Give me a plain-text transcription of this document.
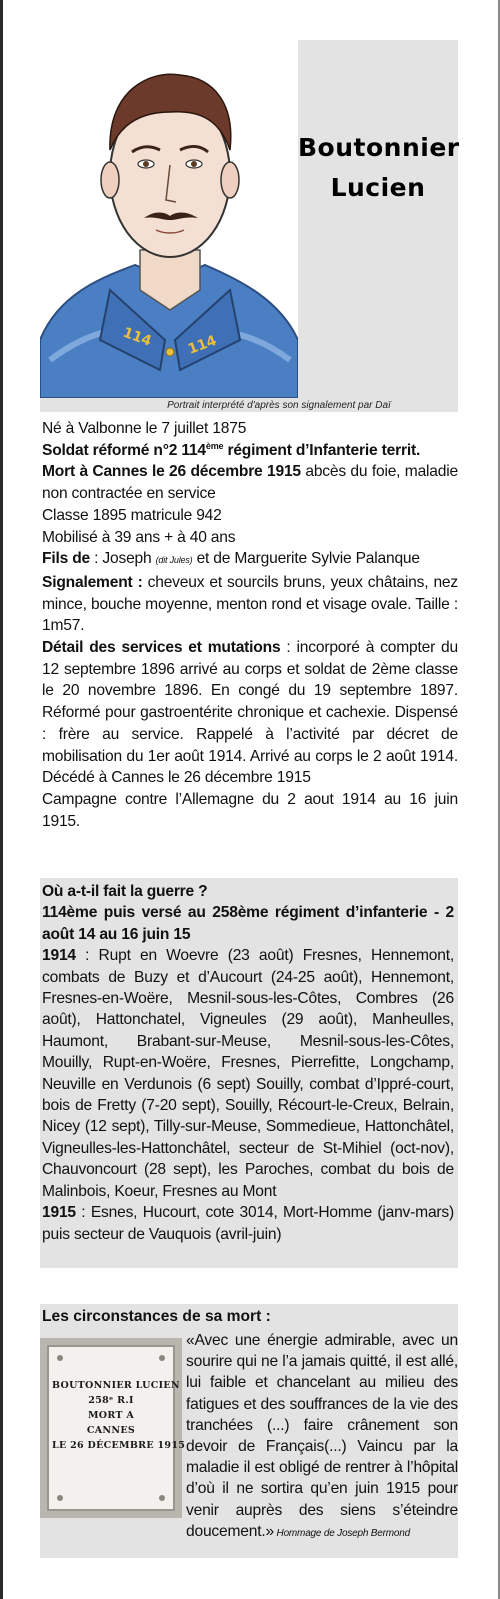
114 114
Boutonnier
Lucien
Portrait interprété d'après son signalement par Daï

Né à Valbonne le 7 juillet 1875

Soldat réformé n°2 114ème régiment d’Infanterie territ.

Mort à Cannes le 26 décembre 1915 abcès du foie, maladie non contractée en service

Classe 1895 matricule 942

Mobilisé à 39 ans + à 40 ans

Fils de : Joseph (dit Jules) et de Marguerite Sylvie Palanque

Signalement : cheveux et sourcils bruns, yeux châtains, nez mince, bouche moyenne, menton rond et visage ovale. Taille : 1m57.

Détail des services et mutations : incorporé à compter du 12 septembre 1896 arrivé au corps et soldat de 2ème classe le 20 novembre 1896. En congé du 19 septembre 1897. Réformé pour gastroentérite chronique et cachexie. Dispensé : frère au service. Rappelé à l’activité par décret de mobilisation du 1er août 1914. Arrivé au corps le 2 août 1914. Décédé à Cannes le 26 décembre 1915

Campagne contre l’Allemagne du 2 aout 1914 au 16 juin 1915.

Où a-t-il fait la guerre ?

114ème puis versé au 258ème régiment d’infanterie - 2 août 14 au 16 juin 15

1914 : Rupt en Woevre (23 août) Fresnes, Hennemont, combats de Buzy et d’Aucourt (24-25 août), Hennemont, Fresnes-en-Woëre, Mesnil-sous-les-Côtes, Combres (26 août), Hattonchatel, Vigneules (29 août), Manheulles, Haumont, Brabant-sur-Meuse, Mesnil-sous-les-Côtes, Mouilly, Rupt-en-Woëre, Fresnes, Pierrefitte, Longchamp, Neuville en Verdunois (6 sept) Souilly, combat d’Ippré-court, bois de Fretty (7-20 sept), Souilly, Récourt-le-Creux, Belrain, Nicey (12 sept), Tilly-sur-Meuse, Sommedieue, Hattonchâtel, Vigneulles-les-Hattonchâtel, secteur de St-Mihiel (oct-nov), Chauvoncourt (28 sept), les Paroches, combat du bois de Malinbois, Koeur, Fresnes au Mont

1915 : Esnes, Hucourt, cote 3014, Mort-Homme (janv-mars) puis secteur de Vauquois (avril-juin)

Les circonstances de sa mort :
BOUTONNIER LUCIEN
258ᵉ R.I
MORT A
CANNES
LE 26 DÉCEMBRE 1915
«Avec une énergie admirable, avec un sourire qui ne l’a jamais quitté, il est allé, lui faible et chancelant au milieu des fatigues et des souffrances de la vie des tranchées (...) faire crânement son devoir de Français(...) Vaincu par la maladie il est obligé de rentrer à l’hôpital d’où il ne sortira qu’en juin 1915 pour venir auprès des siens s’éteindre doucement.» Hommage de Joseph Bermond
